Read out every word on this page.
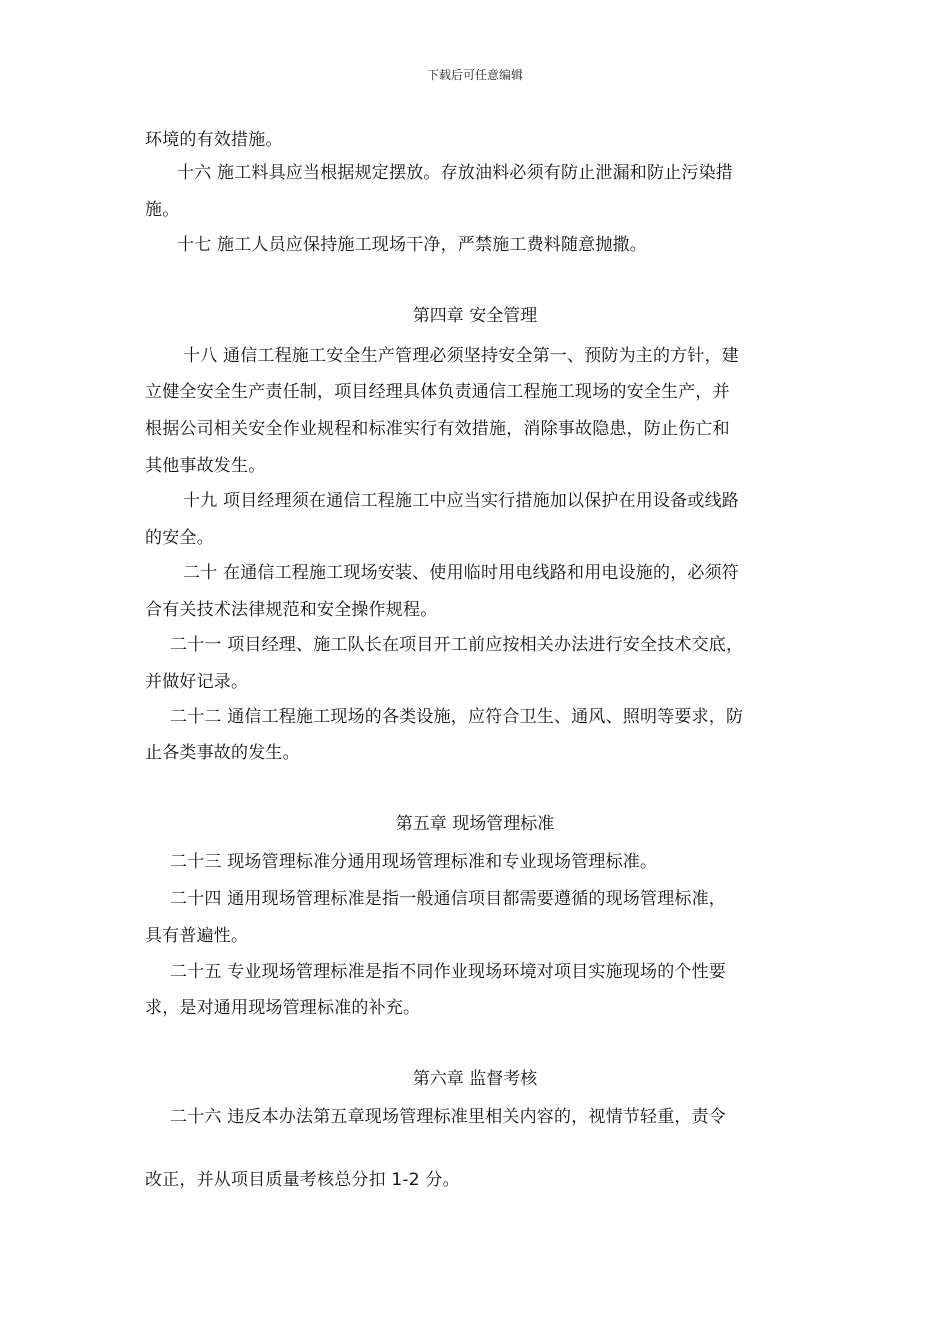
下载后可任意编辑
环境的有效措施。
十六 施工料具应当根据规定摆放。存放油料必须有防止泄漏和防止污染措
施。
十七 施工人员应保持施工现场干净，严禁施工费料随意抛撒。
第四章 安全管理
十八 通信工程施工安全生产管理必须坚持安全第一、预防为主的方针，建
立健全安全生产责任制，项目经理具体负责通信工程施工现场的安全生产，并
根据公司相关安全作业规程和标准实行有效措施，消除事故隐患，防止伤亡和
其他事故发生。
十九 项目经理须在通信工程施工中应当实行措施加以保护在用设备或线路
的安全。
二十 在通信工程施工现场安装、使用临时用电线路和用电设施的，必须符
合有关技术法律规范和安全操作规程。
二十一 项目经理、施工队长在项目开工前应按相关办法进行安全技术交底，
并做好记录。
二十二 通信工程施工现场的各类设施，应符合卫生、通风、照明等要求，防
止各类事故的发生。
第五章 现场管理标准
二十三 现场管理标准分通用现场管理标准和专业现场管理标准。
二十四 通用现场管理标准是指一般通信项目都需要遵循的现场管理标准，
具有普遍性。
二十五 专业现场管理标准是指不同作业现场环境对项目实施现场的个性要
求，是对通用现场管理标准的补充。
第六章 监督考核
二十六 违反本办法第五章现场管理标准里相关内容的，视情节轻重，责令
改正，并从项目质量考核总分扣 1-2 分。
